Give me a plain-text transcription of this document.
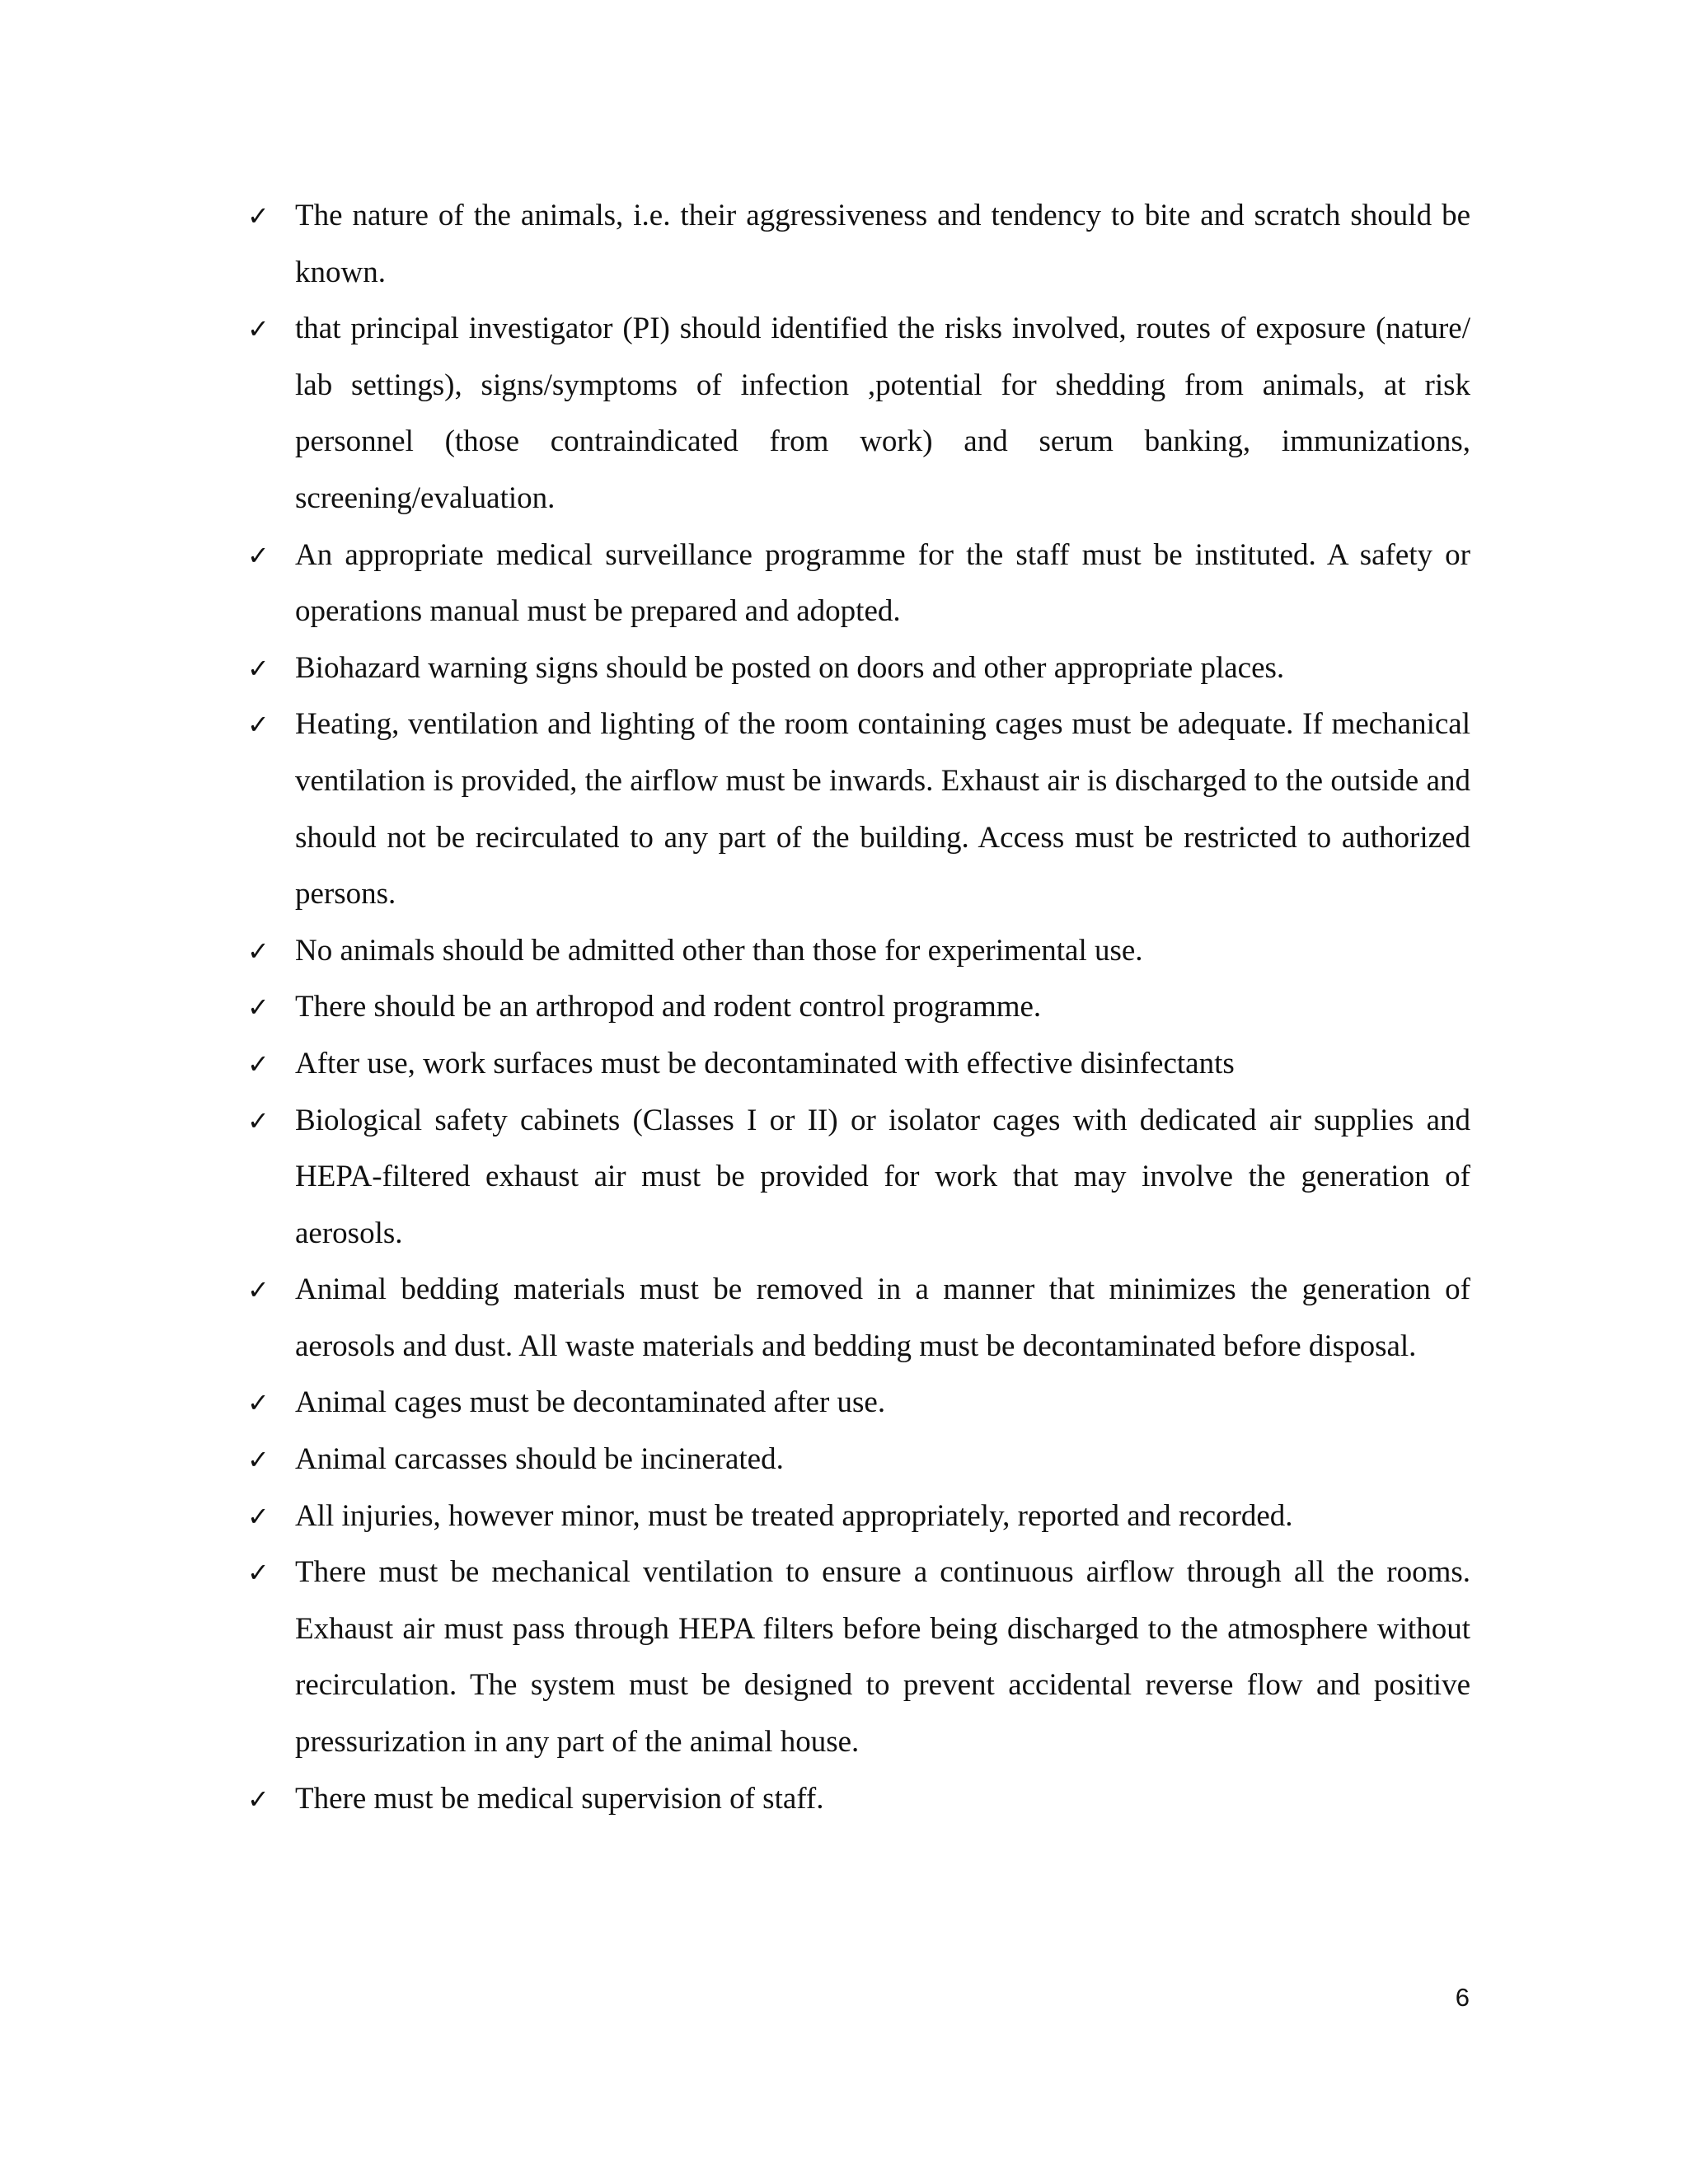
✓ The nature of the animals, i.e. their aggressiveness and tendency to bite and scratch should be known.
✓ that principal investigator (PI) should identified the risks involved, routes of exposure (nature/ lab settings), signs/symptoms of infection ,potential for shedding from animals, at risk personnel (those contraindicated from work) and serum banking, immunizations, screening/evaluation.
✓ An appropriate medical surveillance programme for the staff must be instituted. A safety or operations manual must be prepared and adopted.
✓ Biohazard warning signs should be posted on doors and other appropriate places.
✓ Heating, ventilation and lighting of the room containing cages must be adequate. If mechanical ventilation is provided, the airflow must be inwards. Exhaust air is discharged to the outside and should not be recirculated to any part of the building. Access must be restricted to authorized persons.
✓ No animals should be admitted other than those for experimental use.
✓ There should be an arthropod and rodent control programme.
✓ After use, work surfaces must be decontaminated with effective disinfectants
✓ Biological safety cabinets (Classes I or II) or isolator cages with dedicated air supplies and HEPA-filtered exhaust air must be provided for work that may involve the generation of aerosols.
✓ Animal bedding materials must be removed in a manner that minimizes the generation of aerosols and dust. All waste materials and bedding must be decontaminated before disposal.
✓ Animal cages must be decontaminated after use.
✓ Animal carcasses should be incinerated.
✓ All injuries, however minor, must be treated appropriately, reported and recorded.
✓ There must be mechanical ventilation to ensure a continuous airflow through all the rooms. Exhaust air must pass through HEPA filters before being discharged to the atmosphere without recirculation. The system must be designed to prevent accidental reverse flow and positive pressurization in any part of the animal house.
✓ There must be medical supervision of staff.
6
